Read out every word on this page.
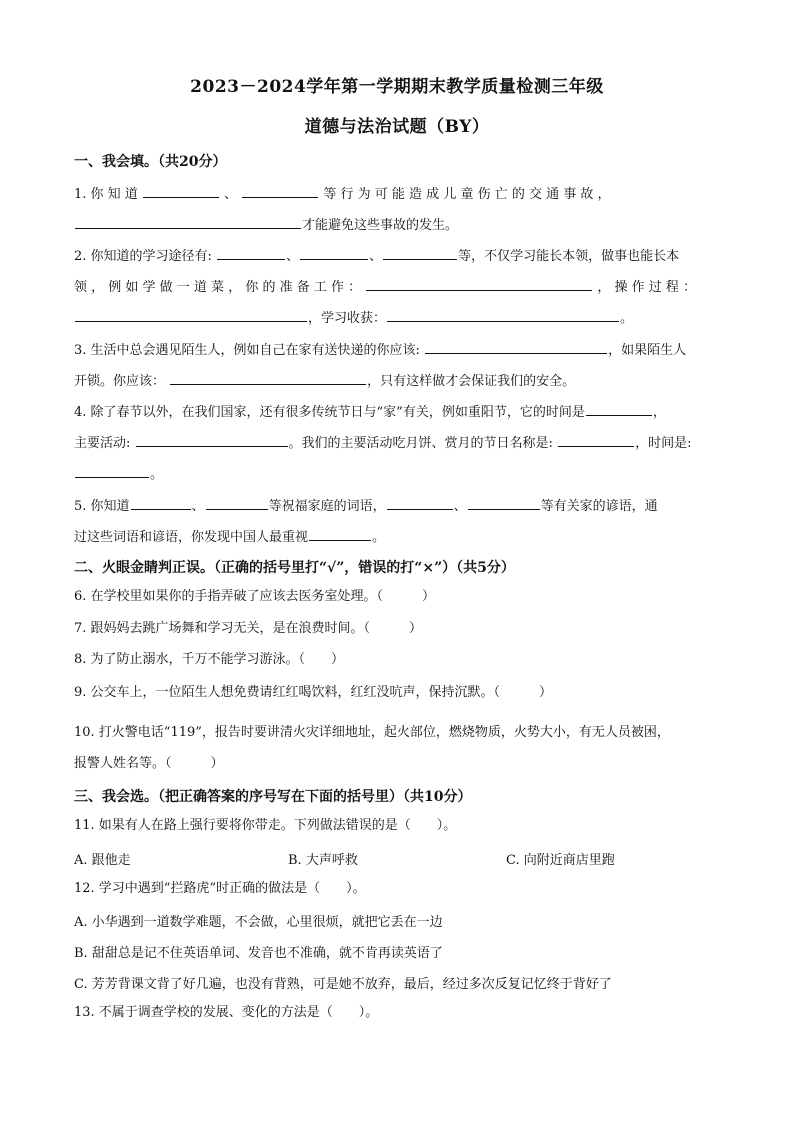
2023－2024学年第一学期期末教学质量检测三年级
道德与法治试题（BY）
一、我会填。（共20分）
1. 你 知 道	、	等 行 为 可 能 造 成 儿 童 伤 亡 的 交 通 事 故 ，
才能避免这些事故的发生。
2. 你知道的学习途径有:	、	、	等，不仅学习能长本领，做事也能长本
领 ， 例 如 学 做 一 道 菜 ， 你 的 准 备 工 作 ：	， 操 作 过 程 ：
，学习收获：	。
3. 生活中总会遇见陌生人，例如自己在家有送快递的你应该:	，如果陌生人
开锁。你应该：	，只有这样做才会保证我们的安全。
4. 除了春节以外，在我们国家，还有很多传统节日与“家”有关，例如重阳节，它的时间是	，
主要活动:	。我们的主要活动吃月饼、赏月的节日名称是:	，时间是:
。
5. 你知道	、	等祝福家庭的词语，	、	等有关家的谚语，通
过这些词语和谚语，你发现中国人最重视	。
二、火眼金睛判正误。（正确的括号里打“√”，错误的打“×”）（共5分）
6. 在学校里如果你的手指弄破了应该去医务室处理。（　　　）
7. 跟妈妈去跳广场舞和学习无关，是在浪费时间。（　　　）
8. 为了防止溺水，千万不能学习游泳。（　　）
9. 公交车上，一位陌生人想免费请红红喝饮料，红红没吭声，保持沉默。（　　　）
10. 打火警电话“119”，报告时要讲清火灾详细地址，起火部位，燃烧物质，火势大小，有无人员被困，
报警人姓名等。（　　　）
三、我会选。（把正确答案的序号写在下面的括号里）（共10分）
11. 如果有人在路上强行要将你带走。下列做法错误的是（　　）。
A. 跟他走	B. 大声呼救	C. 向附近商店里跑
12. 学习中遇到“拦路虎”时正确的做法是（　　）。
A. 小华遇到一道数学难题，不会做，心里很烦，就把它丢在一边
B. 甜甜总是记不住英语单词、发音也不准确，就不肯再读英语了
C. 芳芳背课文背了好几遍，也没有背熟，可是她不放弃，最后，经过多次反复记忆终于背好了
13. 不属于调查学校的发展、变化的方法是（　　）。
